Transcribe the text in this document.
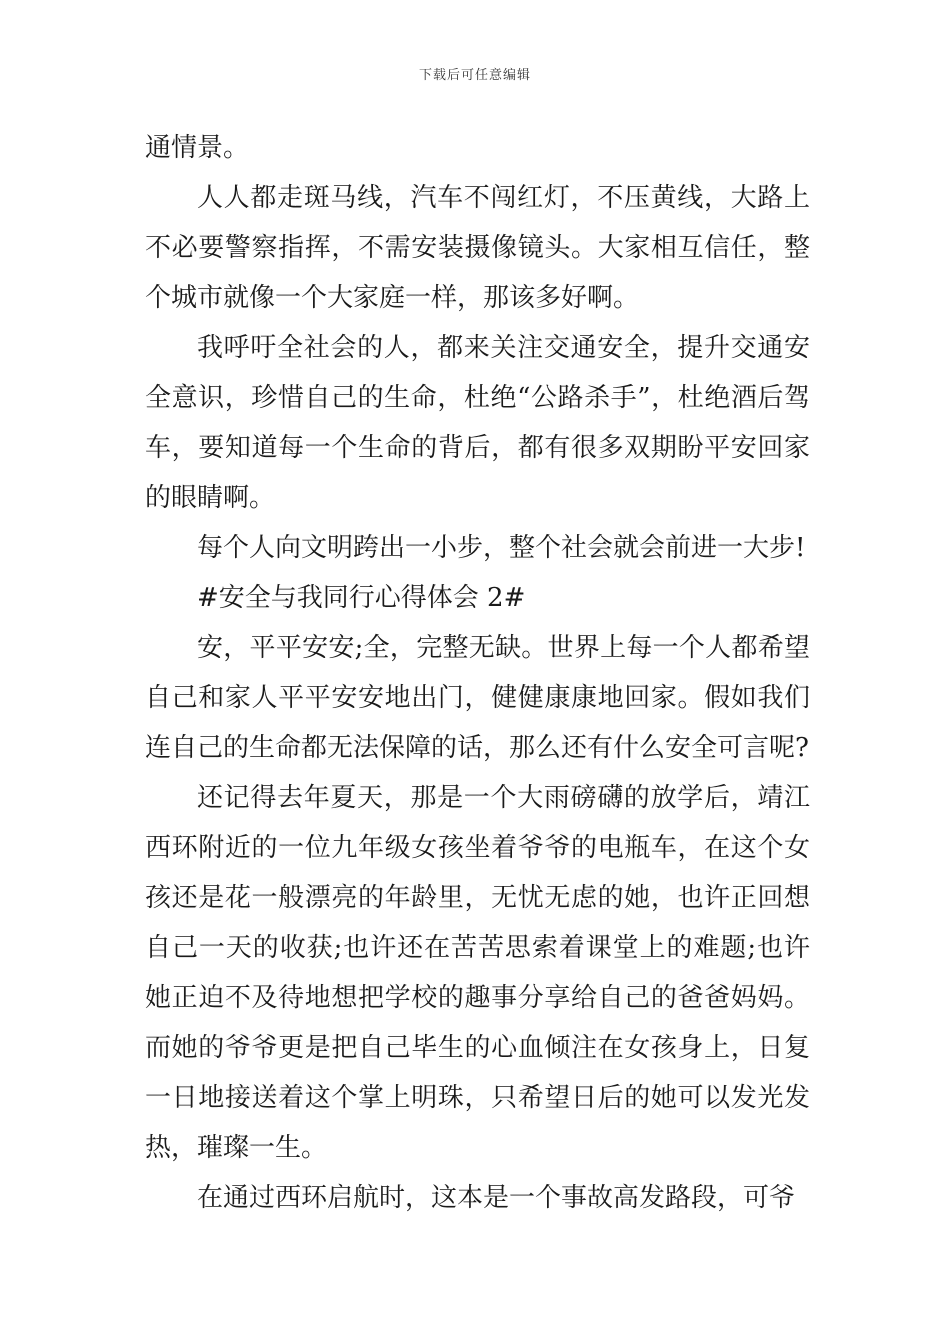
下载后可任意编辑

通情景。

人人都走斑马线，汽车不闯红灯，不压黄线，大路上不必要警察指挥，不需安装摄像镜头。大家相互信任，整个城市就像一个大家庭一样，那该多好啊。

我呼吁全社会的人，都来关注交通安全，提升交通安全意识，珍惜自己的生命，杜绝“公路杀手”，杜绝酒后驾车，要知道每一个生命的背后，都有很多双期盼平安回家的眼睛啊。

每个人向文明跨出一小步，整个社会就会前进一大步!

#安全与我同行心得体会 2#

安，平平安安;全，完整无缺。世界上每一个人都希望自己和家人平平安安地出门，健健康康地回家。假如我们连自己的生命都无法保障的话，那么还有什么安全可言呢?

还记得去年夏天，那是一个大雨磅礴的放学后，靖江西环附近的一位九年级女孩坐着爷爷的电瓶车，在这个女孩还是花一般漂亮的年龄里，无忧无虑的她，也许正回想自己一天的收获;也许还在苦苦思索着课堂上的难题;也许她正迫不及待地想把学校的趣事分享给自己的爸爸妈妈。而她的爷爷更是把自己毕生的心血倾注在女孩身上，日复一日地接送着这个掌上明珠，只希望日后的她可以发光发热，璀璨一生。

在通过西环启航时，这本是一个事故高发路段，可爷
